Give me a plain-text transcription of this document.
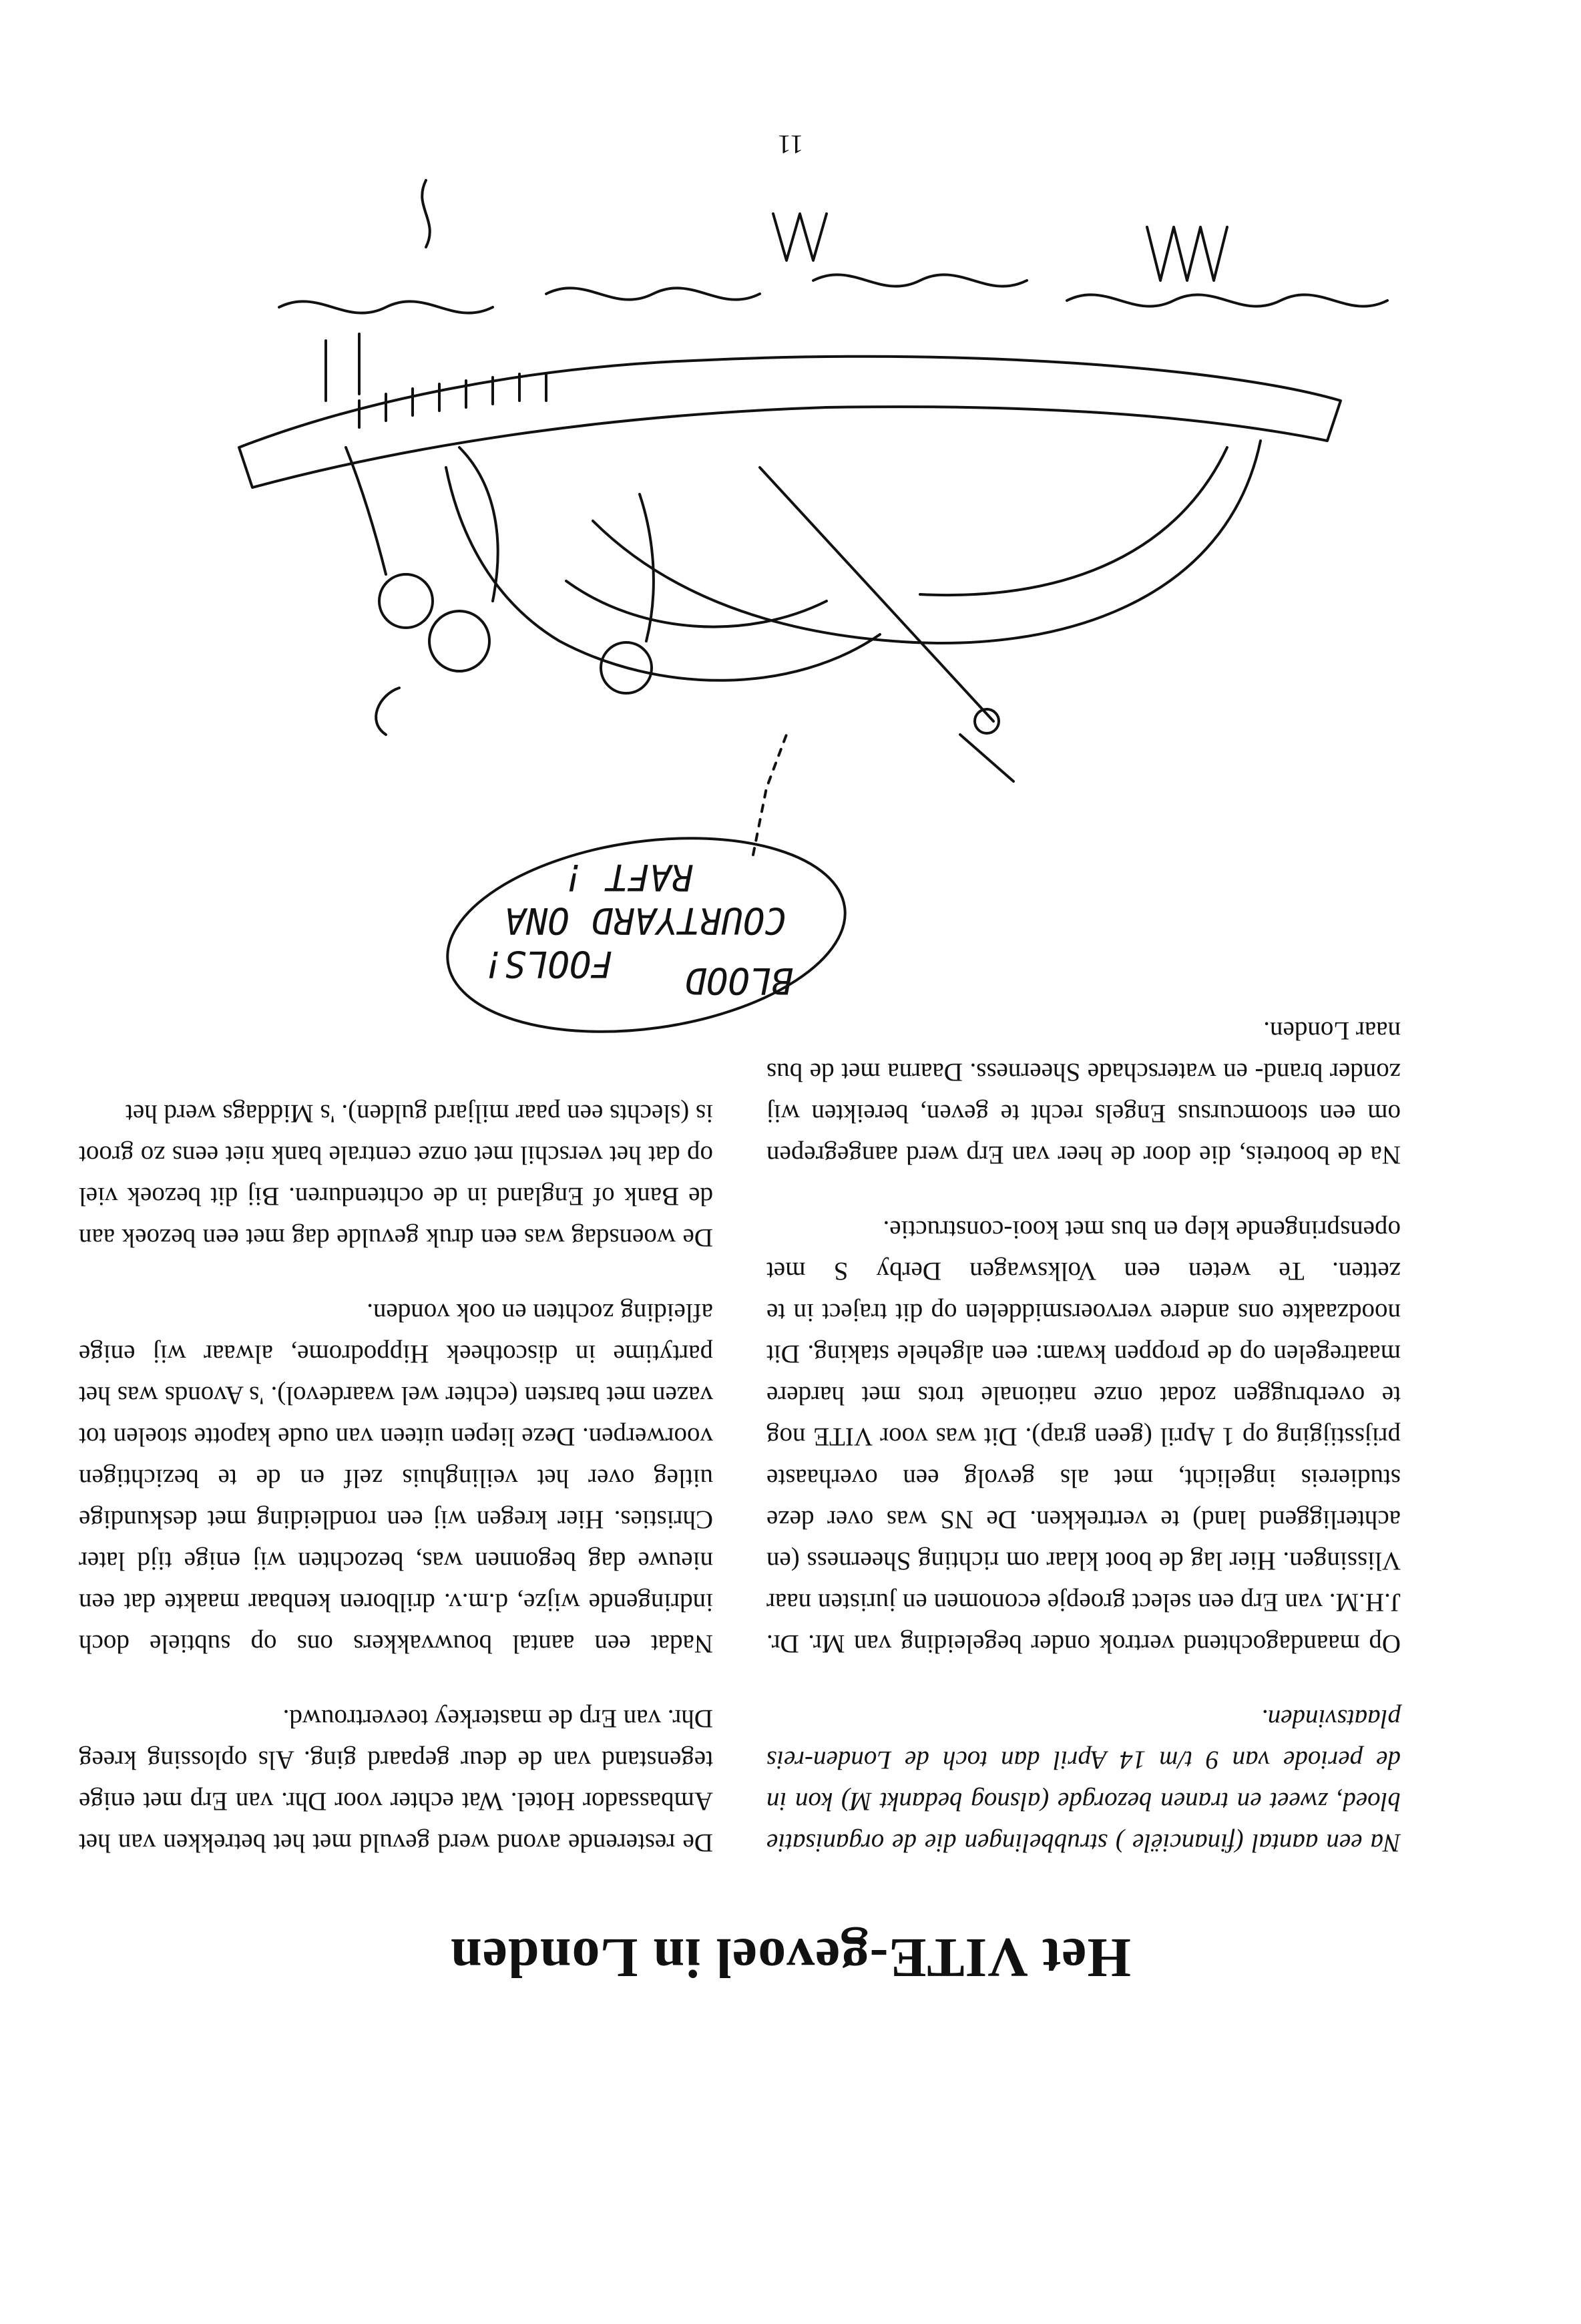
Het VITE-gevoel in Londen

Na een aantal (financiële ) strubbelingen die de organisatie bloed, zweet en tranen bezorgde (alsnog bedankt M) kon in de periode van 9 t/m 14 April dan toch de Londen-reis plaatsvinden.

Op maandagochtend vertrok onder begeleiding van Mr. Dr. J.H.M. van Erp een select groepje economen en juristen naar Vlissingen. Hier lag de boot klaar om richting Sheerness (en achterliggend land) te vertrekken. De NS was over deze studiereis ingelicht, met als gevolg een overhaaste prijsstijging op 1 April (geen grap). Dit was voor VITE nog te overbruggen zodat onze nationale trots met hardere maatregelen op de proppen kwam: een algehele staking. Dit noodzaakte ons andere vervoersmiddelen op dit traject in te zetten. Te weten een Volkswagen Derby S met openspringende klep en bus met kooi-constructie.

Na de bootreis, die door de heer van Erp werd aangegrepen om een stoomcursus Engels recht te geven, bereikten wij zonder brand- en waterschade Sheerness. Daarna met de bus naar Londen.

De resterende avond werd gevuld met het betrekken van het Ambassador Hotel. Wat echter voor Dhr. van Erp met enige tegenstand van de deur gepaard ging. Als oplossing kreeg Dhr. van Erp de masterkey toevertrouwd.

Nadat een aantal bouwvakkers ons op subtiele doch indringende wijze, d.m.v. drilboren kenbaar maakte dat een nieuwe dag begonnen was, bezochten wij enige tijd later Christies. Hier kregen wij een rondleiding met deskundige uitleg over het veilinghuis zelf en de te bezichtigen voorwerpen. Deze liepen uiteen van oude kapotte stoelen tot vazen met barsten (echter wel waardevol). 's Avonds was het partytime in discotheek Hippodrome, alwaar wij enige afleiding zochten en ook vonden.

De woensdag was een druk gevulde dag met een bezoek aan de Bank of England in de ochtenduren. Bij dit bezoek viel op dat het verschil met onze centrale bank niet eens zo groot is (slechts een paar miljard gulden). 's Middags werd het

BLOOD
FOOLS!
COURTYARD ONA
RAFT !
11
